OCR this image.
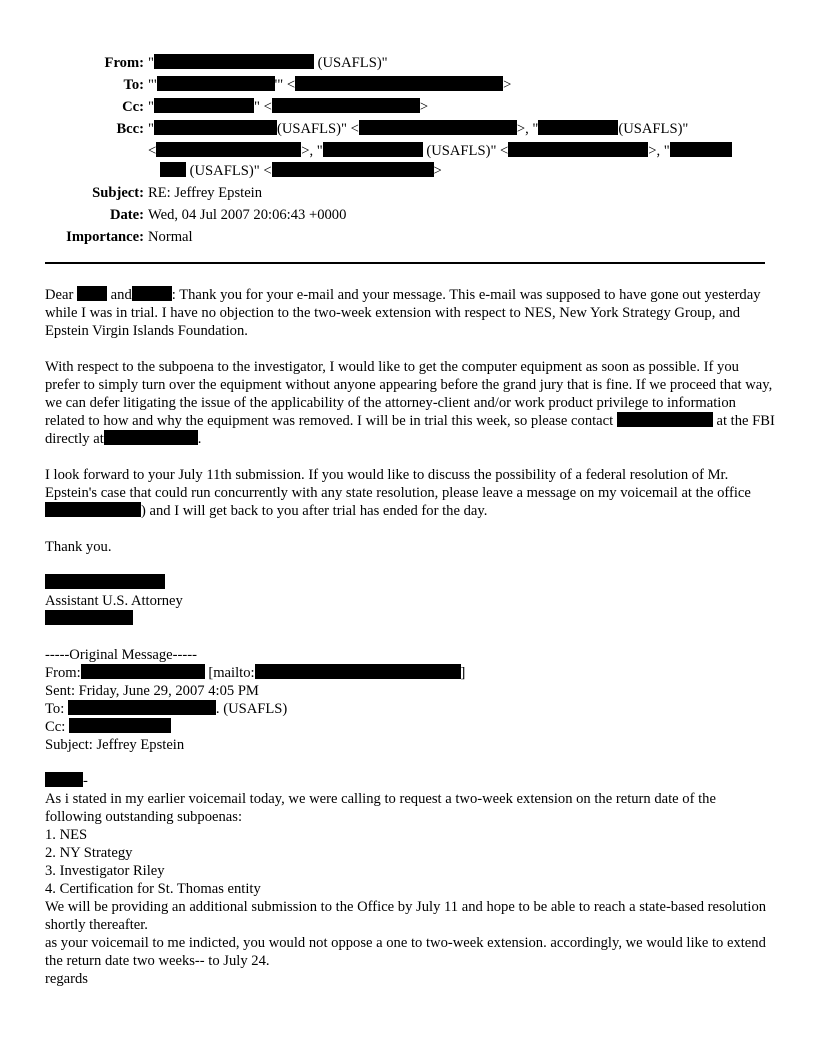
From: "	(USAFLS)"
To: "'	'" <	>
Cc: "	" <	>
Bcc: "	(USAFLS)" <	>, "	(USAFLS)"
<	>, "	(USAFLS)" <	>, "
(USAFLS)" <	>
Subject: RE: Jeffrey Epstein
Date: Wed, 04 Jul 2007 20:06:43 +0000
Importance: Normal

Dear  and	: Thank you for your e-mail and your message. This e-mail was supposed to have gone out yesterday while I was in trial. I have no objection to the two-week extension with respect to NES, New York Strategy Group, and Epstein Virgin Islands Foundation.

With respect to the subpoena to the investigator, I would like to get the computer equipment as soon as possible. If you prefer to simply turn over the equipment without anyone appearing before the grand jury that is fine. If we proceed that way, we can defer litigating the issue of the applicability of the attorney-client and/or work product privilege to information related to how and why the equipment was removed. I will be in trial this week, so please contact	at the FBI directly at	.

I look forward to your July 11th submission. If you would like to discuss the possibility of a federal resolution of Mr. Epstein's case that could run concurrently with any state resolution, please leave a message on my voicemail at the office ) and I will get back to you after trial has ended for the day.

Thank you.

Assistant U.S. Attorney
-----Original Message-----
From:	[mailto:	]
Sent: Friday, June 29, 2007 4:05 PM
To:	. (USAFLS)
Cc:
Subject: Jeffrey Epstein
-
As i stated in my earlier voicemail today, we were calling to request a two-week extension on the return date of the following outstanding subpoenas:
1. NES
2. NY Strategy
3. Investigator Riley
4. Certification for St. Thomas entity
We will be providing an additional submission to the Office by July 11 and hope to be able to reach a state-based resolution shortly thereafter.
as your voicemail to me indicted, you would not oppose a one to two-week extension. accordingly, we would like to extend the return date two weeks-- to July 24.
regards
